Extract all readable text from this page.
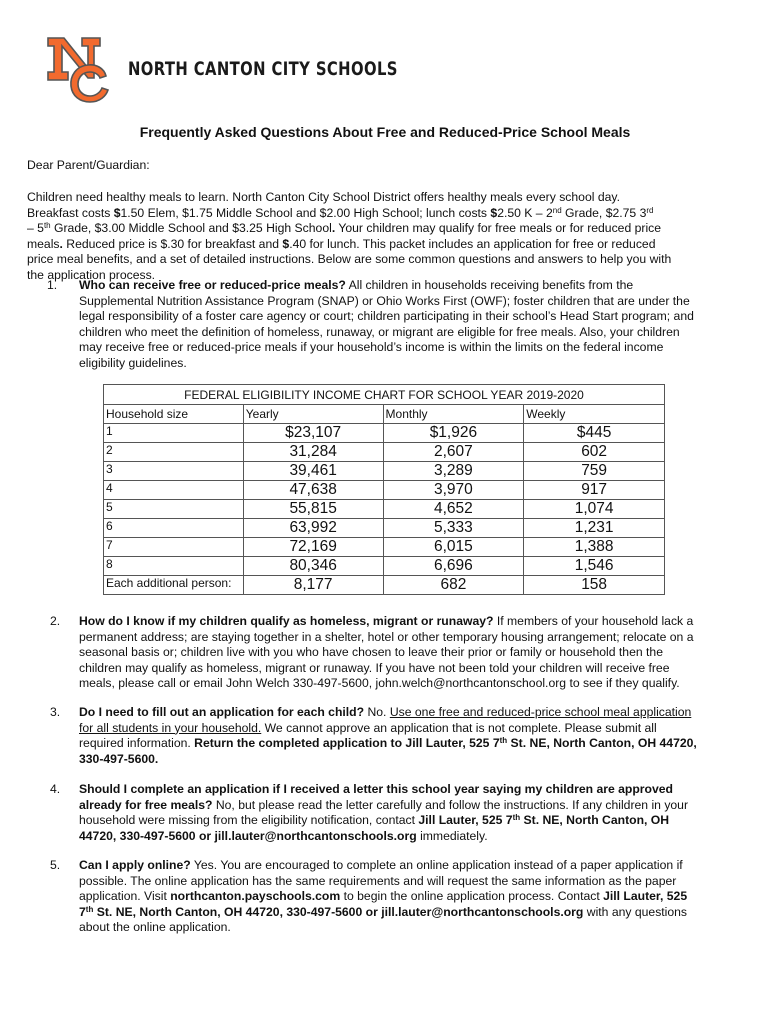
NORTH CANTON CITY SCHOOLS
Frequently Asked Questions About Free and Reduced-Price School Meals
Dear Parent/Guardian:
Children need healthy meals to learn. North Canton City School District offers healthy meals every school day.
Breakfast costs $1.50 Elem, $1.75 Middle School and $2.00 High School; lunch costs $2.50 K – 2nd Grade, $2.75 3rd
– 5th Grade, $3.00 Middle School and $3.25 High School. Your children may qualify for free meals or for reduced price
meals. Reduced price is $.30 for breakfast and $.40 for lunch. This packet includes an application for free or reduced
price meal benefits, and a set of detailed instructions. Below are some common questions and answers to help you with
the application process.
1. Who can receive free or reduced-price meals? All children in households receiving benefits from the
Supplemental Nutrition Assistance Program (SNAP) or Ohio Works First (OWF); foster children that are under the
legal responsibility of a foster care agency or court; children participating in their school’s Head Start program; and
children who meet the definition of homeless, runaway, or migrant are eligible for free meals. Also, your children
may receive free or reduced-price meals if your household’s income is within the limits on the federal income
eligibility guidelines.
FEDERAL ELIGIBILITY INCOME CHART FOR SCHOOL YEAR 2019-2020			
Household size	Yearly	Monthly	Weekly
1	$23,107	$1,926	$445
2	31,284	2,607	602
3	39,461	3,289	759
4	47,638	3,970	917
5	55,815	4,652	1,074
6	63,992	5,333	1,231
7	72,169	6,015	1,388
8	80,346	6,696	1,546
Each additional person:	8,177	682	158
2. How do I know if my children qualify as homeless, migrant or runaway? If members of your household lack a
permanent address; are staying together in a shelter, hotel or other temporary housing arrangement; relocate on a
seasonal basis or; children live with you who have chosen to leave their prior or family or household then the
children may qualify as homeless, migrant or runaway. If you have not been told your children will receive free
meals, please call or email John Welch 330-497-5600, john.welch@northcantonschool.org to see if they qualify.
3. Do I need to fill out an application for each child? No. Use one free and reduced-price school meal application
for all students in your household. We cannot approve an application that is not complete. Please submit all
required information. Return the completed application to Jill Lauter, 525 7th St. NE, North Canton, OH 44720,
330-497-5600.
4. Should I complete an application if I received a letter this school year saying my children are approved
already for free meals? No, but please read the letter carefully and follow the instructions. If any children in your
household were missing from the eligibility notification, contact Jill Lauter, 525 7th St. NE, North Canton, OH
44720, 330-497-5600 or jill.lauter@northcantonschools.org immediately.
5. Can I apply online? Yes. You are encouraged to complete an online application instead of a paper application if
possible. The online application has the same requirements and will request the same information as the paper
application. Visit northcanton.payschools.com to begin the online application process. Contact Jill Lauter, 525
7th St. NE, North Canton, OH 44720, 330-497-5600 or jill.lauter@northcantonschools.org with any questions
about the online application.
